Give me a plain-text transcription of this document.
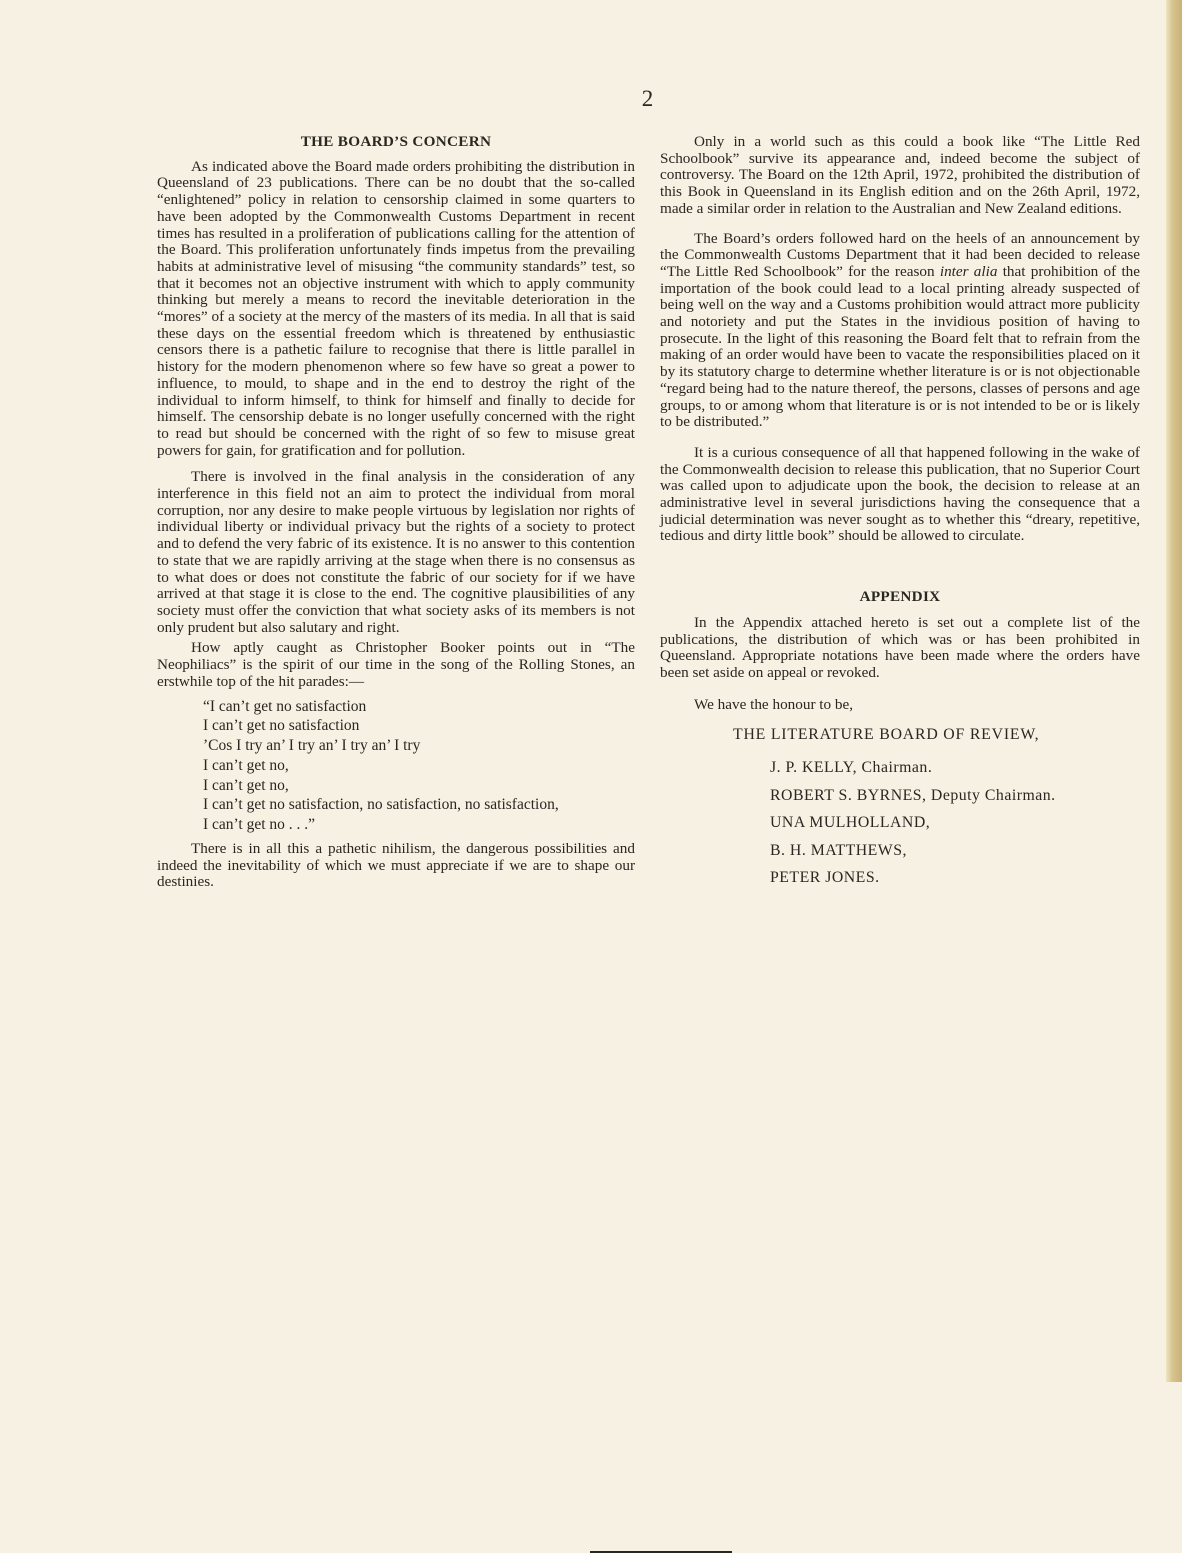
2
THE BOARD’S CONCERN

As indicated above the Board made orders prohibiting the distribution in Queensland of 23 publications. There can be no doubt that the so-called “enlightened” policy in relation to censorship claimed in some quarters to have been adopted by the Commonwealth Customs Department in recent times has resulted in a proliferation of publications calling for the attention of the Board. This proliferation unfortunately finds impetus from the prevailing habits at administrative level of misusing “the community standards” test, so that it becomes not an objective instrument with which to apply community thinking but merely a means to record the inevitable deterioration in the “mores” of a society at the mercy of the masters of its media. In all that is said these days on the essential freedom which is threatened by enthusiastic censors there is a pathetic failure to recognise that there is little parallel in history for the modern phenomenon where so few have so great a power to influence, to mould, to shape and in the end to destroy the right of the individual to inform himself, to think for himself and finally to decide for himself. The censorship debate is no longer usefully concerned with the right to read but should be concerned with the right of so few to misuse great powers for gain, for gratification and for pollution.

There is involved in the final analysis in the consideration of any interference in this field not an aim to protect the individual from moral corruption, nor any desire to make people virtuous by legislation nor rights of individual liberty or individual privacy but the rights of a society to protect and to defend the very fabric of its existence. It is no answer to this contention to state that we are rapidly arriving at the stage when there is no consensus as to what does or does not constitute the fabric of our society for if we have arrived at that stage it is close to the end. The cognitive plausibilities of any society must offer the conviction that what society asks of its members is not only prudent but also salutary and right.

How aptly caught as Christopher Booker points out in “The Neophiliacs” is the spirit of our time in the song of the Rolling Stones, an erstwhile top of the hit parades:—

“I can’t get no satisfaction
I can’t get no satisfaction
’Cos I try an’ I try an’ I try an’ I try
I can’t get no,
I can’t get no,
I can’t get no satisfaction, no satisfaction, no satisfaction,
I can’t get no . . .”

There is in all this a pathetic nihilism, the dangerous possibilities and indeed the inevitability of which we must appreciate if we are to shape our destinies.

Only in a world such as this could a book like “The Little Red Schoolbook” survive its appearance and, indeed become the subject of controversy. The Board on the 12th April, 1972, prohibited the distribution of this Book in Queensland in its English edition and on the 26th April, 1972, made a similar order in relation to the Australian and New Zealand editions.

The Board’s orders followed hard on the heels of an announcement by the Commonwealth Customs Department that it had been decided to release “The Little Red Schoolbook” for the reason inter alia that prohibition of the importation of the book could lead to a local printing already suspected of being well on the way and a Customs prohibition would attract more publicity and notoriety and put the States in the invidious position of having to prosecute. In the light of this reasoning the Board felt that to refrain from the making of an order would have been to vacate the responsibilities placed on it by its statutory charge to determine whether literature is or is not objectionable “regard being had to the nature thereof, the persons, classes of persons and age groups, to or among whom that literature is or is not intended to be or is likely to be distributed.”

It is a curious consequence of all that happened following in the wake of the Commonwealth decision to release this publication, that no Superior Court was called upon to adjudicate upon the book, the decision to release at an administrative level in several jurisdictions having the consequence that a judicial determination was never sought as to whether this “dreary, repetitive, tedious and dirty little book” should be allowed to circulate.

APPENDIX

In the Appendix attached hereto is set out a complete list of the publications, the distribution of which was or has been prohibited in Queensland. Appropriate notations have been made where the orders have been set aside on appeal or revoked.

We have the honour to be,

THE LITERATURE BOARD OF REVIEW,
J. P. KELLY, Chairman.
ROBERT S. BYRNES, Deputy Chairman.
UNA MULHOLLAND,
B. H. MATTHEWS,
PETER JONES.
